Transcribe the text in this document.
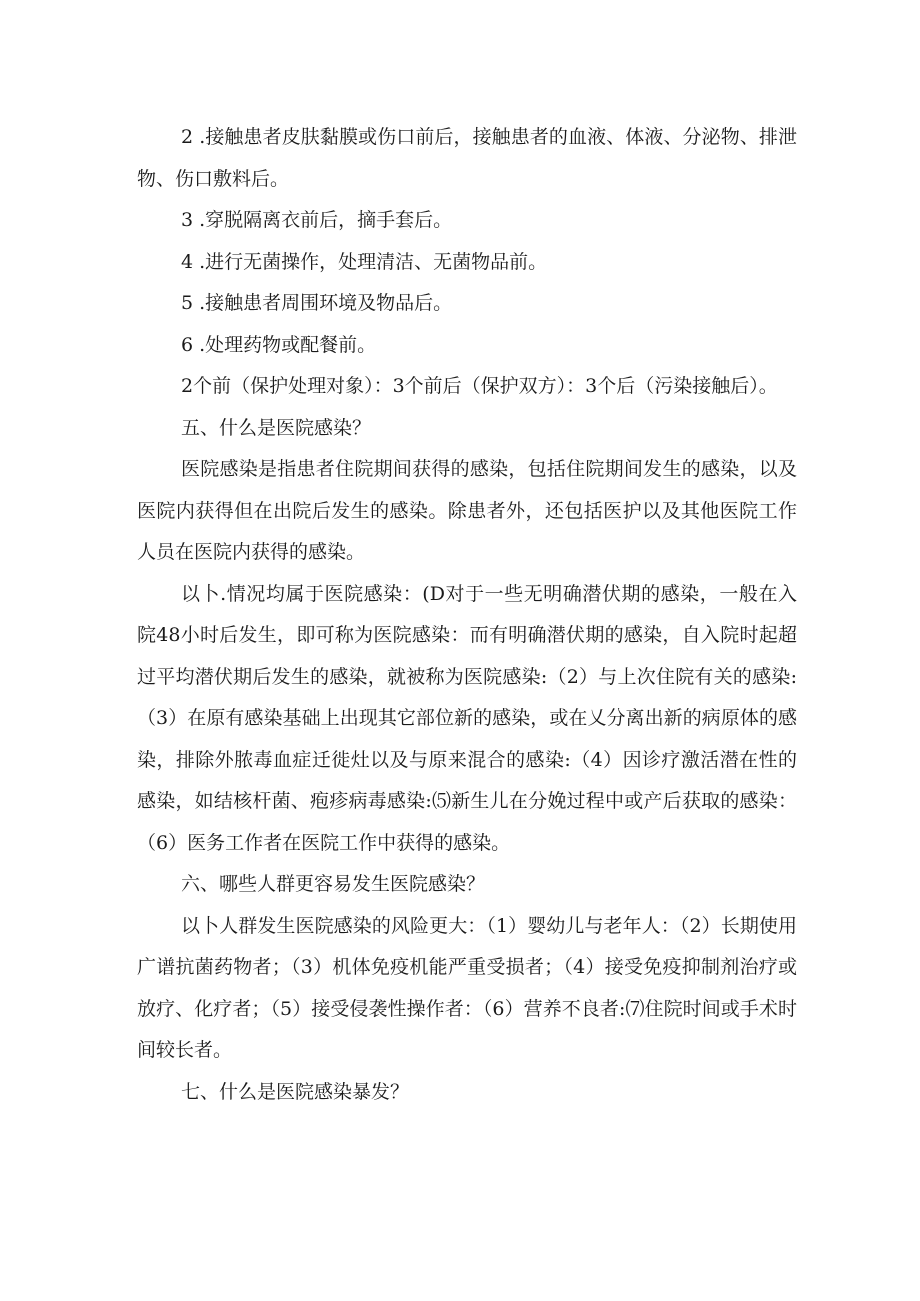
2 .接触患者皮肤黏膜或伤口前后，接触患者的血液、体液、分泌物、排泄物、伤口敷料后。

3 .穿脱隔离衣前后，摘手套后。

4 .进行无菌操作，处理清洁、无菌物品前。

5 .接触患者周围环境及物品后。

6 .处理药物或配餐前。

2个前（保护处理对象）：3个前后（保护双方）：3个后（污染接触后）。

五、什么是医院感染？

医院感染是指患者住院期间获得的感染，包括住院期间发生的感染，以及医院内获得但在出院后发生的感染。除患者外，还包括医护以及其他医院工作人员在医院内获得的感染。

以卜.情况均属于医院感染：(D对于一些无明确潜伏期的感染，一般在入院48小时后发生，即可称为医院感染：而有明确潜伏期的感染，自入院时起超过平均潜伏期后发生的感染，就被称为医院感染:（2）与上次住院有关的感染:（3）在原有感染基础上出现其它部位新的感染，或在乂分离出新的病原体的感染，排除外脓毒血症迁徙灶以及与原来混合的感染:（4）因诊疗激活潜在性的感染，如结核杆菌、疱疹病毒感染:⑸新生儿在分娩过程中或产后获取的感染：（6）医务工作者在医院工作中获得的感染。

六、哪些人群更容易发生医院感染？

以卜人群发生医院感染的风险更大：（1）婴幼儿与老年人：（2）长期使用广谱抗菌药物者；（3）机体免疫机能严重受损者；（4）接受免疫抑制剂治疗或放疗、化疗者；（5）接受侵袭性操作者：（6）营养不良者:⑺住院时间或手术时间较长者。

七、什么是医院感染暴发？
